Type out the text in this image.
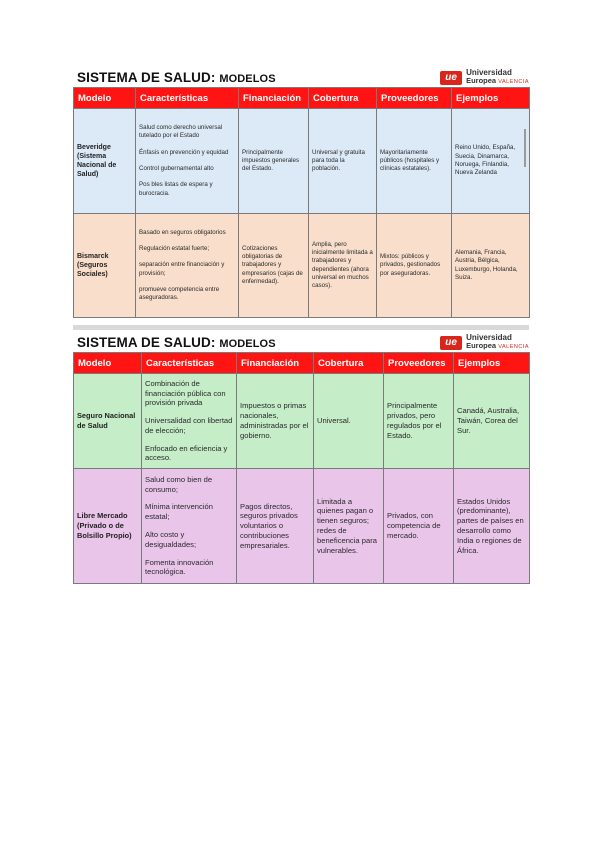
SISTEMA DE SALUD: MODELOS	ue	Universidad
Europea VALENCIA
Modelo	Características	Financiación	Cobertura	Proveedores	Ejemplos
Beveridge (Sistema Nacional de Salud)	Salud como derecho universal tutelado por el Estado

Énfasis en prevención y equidad

Control gubernamental alto

Pos bles listas de espera y burocracia.	Principalmente impuestos generales del Estado.	Universal y gratuita para toda la población.	Mayoritariamente públicos (hospitales y clínicas estatales).	Reino Unido, España, Suecia, Dinamarca, Noruega, Finlandia, Nueva Zelanda

Bismarck (Seguros Sociales)	Basado en seguros obligatorios

Regulación estatal fuerte;

separación entre financiación y provisión;

promueve competencia entre aseguradoras.	Cotizaciones obligatorias de trabajadores y empresarios (cajas de enfermedad).	Amplia, pero inicialmente limitada a trabajadores y dependientes (ahora universal en muchos casos).	Mixtos: públicos y privados, gestionados por aseguradoras.	Alemania, Francia, Austria, Bélgica, Luxemburgo, Holanda, Suiza.
SISTEMA DE SALUD: MODELOS	ue	Universidad
Europea VALENCIA
Modelo	Características	Financiación	Cobertura	Proveedores	Ejemplos
Seguro Nacional de Salud	Combinación de financiación pública con provisión privada

Universalidad con libertad de elección;

Enfocado en eficiencia y acceso.	Impuestos o primas nacionales, administradas por el gobierno.	Universal.	Principalmente privados, pero regulados por el Estado.	Canadá, Australia, Taiwán, Corea del Sur.
Libre Mercado (Privado o de Bolsillo Propio)	Salud como bien de consumo;

Mínima intervención estatal;

Alto costo y desigualdades;

Fomenta innovación tecnológica.	Pagos directos, seguros privados voluntarios o contribuciones empresariales.	Limitada a quienes pagan o tienen seguros; redes de beneficencia para vulnerables.	Privados, con competencia de mercado.	Estados Unidos (predominante), partes de países en desarrollo como India o regiones de África.
